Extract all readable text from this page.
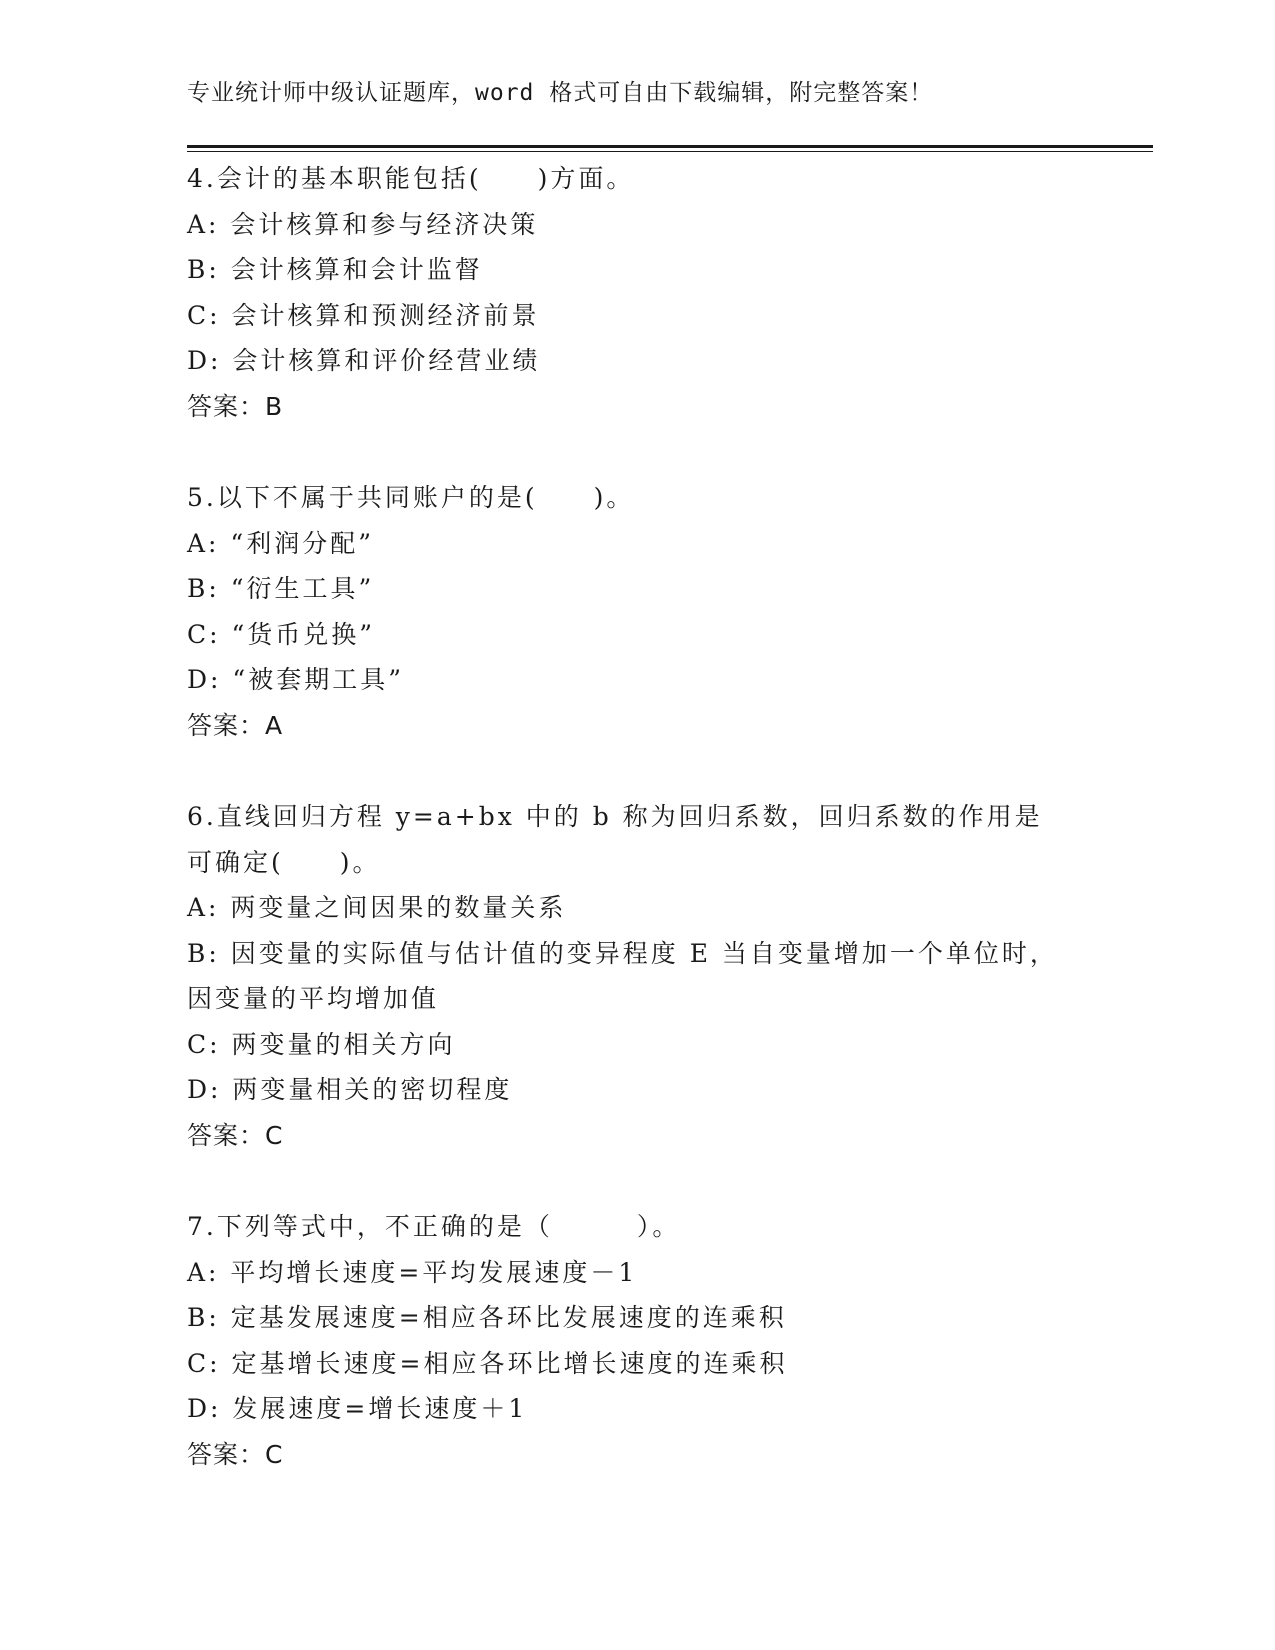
专业统计师中级认证题库，word 格式可自由下载编辑，附完整答案！
4.会计的基本职能包括(　　)方面。
A: 会计核算和参与经济决策
B: 会计核算和会计监督
C: 会计核算和预测经济前景
D: 会计核算和评价经营业绩
答案：B
5.以下不属于共同账户的是(　　)。
A: “利润分配”
B: “衍生工具”
C: “货币兑换”
D: “被套期工具”
答案：A
6.直线回归方程 y=a+bx 中的 b 称为回归系数，回归系数的作用是可确定(　　)。
A: 两变量之间因果的数量关系
B: 因变量的实际值与估计值的变异程度 E 当自变量增加一个单位时，因变量的平均增加值
C: 两变量的相关方向
D: 两变量相关的密切程度
答案：C
7.下列等式中，不正确的是（　　　）。
A: 平均增长速度=平均发展速度－1
B: 定基发展速度=相应各环比发展速度的连乘积
C: 定基增长速度=相应各环比增长速度的连乘积
D: 发展速度=增长速度＋1
答案：C
